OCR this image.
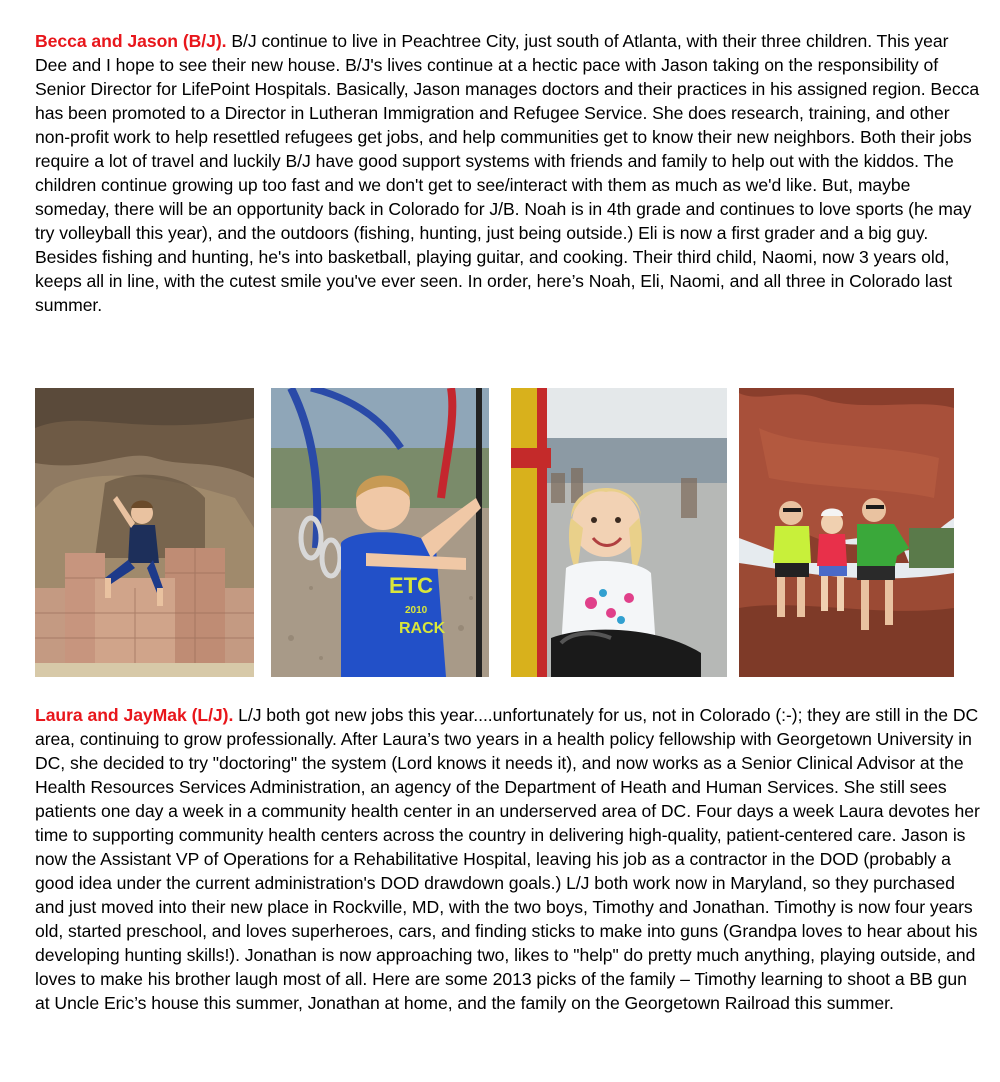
Becca and Jason (B/J). B/J continue to live in Peachtree City, just south of Atlanta, with their three children. This year Dee and I hope to see their new house. B/J's lives continue at a hectic pace with Jason taking on the responsibility of Senior Director for LifePoint Hospitals. Basically, Jason manages doctors and their practices in his assigned region. Becca has been promoted to a Director in Lutheran Immigration and Refugee Service. She does research, training, and other non-profit work to help resettled refugees get jobs, and help communities get to know their new neighbors. Both their jobs require a lot of travel and luckily B/J have good support systems with friends and family to help out with the kiddos. The children continue growing up too fast and we don't get to see/interact with them as much as we'd like. But, maybe someday, there will be an opportunity back in Colorado for J/B. Noah is in 4th grade and continues to love sports (he may try volleyball this year), and the outdoors (fishing, hunting, just being outside.) Eli is now a first grader and a big guy. Besides fishing and hunting, he's into basketball, playing guitar, and cooking. Their third child, Naomi, now 3 years old, keeps all in line, with the cutest smile you've ever seen. In order, here’s Noah, Eli, Naomi, and all three in Colorado last summer.
ETC
2010
RACK
Laura and JayMak (L/J). L/J both got new jobs this year....unfortunately for us, not in Colorado (:-); they are still in the DC area, continuing to grow professionally. After Laura’s two years in a health policy fellowship with Georgetown University in DC, she decided to try "doctoring" the system (Lord knows it needs it), and now works as a Senior Clinical Advisor at the Health Resources Services Administration, an agency of the Department of Heath and Human Services. She still sees patients one day a week in a community health center in an underserved area of DC. Four days a week Laura devotes her time to supporting community health centers across the country in delivering high-quality, patient-centered care. Jason is now the Assistant VP of Operations for a Rehabilitative Hospital, leaving his job as a contractor in the DOD (probably a good idea under the current administration's DOD drawdown goals.) L/J both work now in Maryland, so they purchased and just moved into their new place in Rockville, MD, with the two boys, Timothy and Jonathan. Timothy is now four years old, started preschool, and loves superheroes, cars, and finding sticks to make into guns (Grandpa loves to hear about his developing hunting skills!). Jonathan is now approaching two, likes to "help" do pretty much anything, playing outside, and loves to make his brother laugh most of all. Here are some 2013 picks of the family – Timothy learning to shoot a BB gun at Uncle Eric’s house this summer, Jonathan at home, and the family on the Georgetown Railroad this summer.
